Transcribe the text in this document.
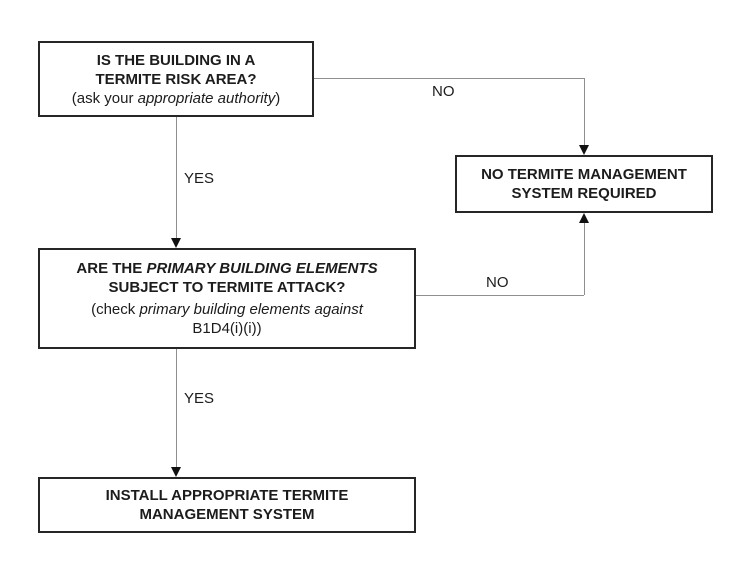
IS THE BUILDING IN A
TERMITE RISK AREA?
(ask your appropriate authority)
NO TERMITE MANAGEMENT
SYSTEM REQUIRED
ARE THE PRIMARY BUILDING ELEMENTS
SUBJECT TO TERMITE ATTACK?
(check primary building elements against
B1D4(i)(i))
INSTALL APPROPRIATE TERMITE
MANAGEMENT SYSTEM
YES
NO
NO
YES
